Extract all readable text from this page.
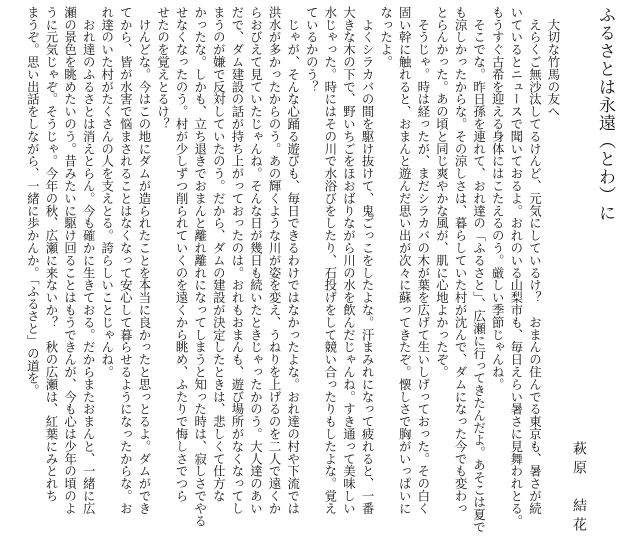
ふるさとは永遠（とわ）に
萩原　結花
　大切な竹馬の友へ
　えらくご無沙汰してるけんど、元気にしているけ？　おまんの住んでる東京も、暑さが続
いているとニュースで聞いておるよ。おれのいる山梨市も、毎日えらい暑さに見舞われとる。
もうすぐ古希を迎える身体にはこたえるのう。厳しい季節じゃんね。
　そこでな。昨日孫を連れて、おれ達の「ふるさと」、広瀬に行ってきたんだよ。あそこは夏で
も涼しかったからな。その涼しさは、暮らしていた村が沈んで、ダムになった今でも変わっ
とらんかった。あの頃と同じ爽やかな風が、肌に心地よかったぞ。
　そうじゃ。時は経ったが、まだシラカバの木が葉を広げて生いしげっておった。その白く
固い幹に触れると、おまんと遊んだ思い出が次々に蘇ってきたぞ。懐しさで胸がいっぱいに
なったよ。
　よくシラカバの間を駆け抜けて、鬼ごっこをしたよな。汗まみれになって疲れると、一番
大きな木の下で、野いちごをほおばりながら川の水を飲んだじゃんね。すき通って美味しい
水じゃった。時にはその川で水浴びをしたり、石投げをして競い合ったりもしたよな。覚え
ているかのう？
　じゃが、そんな心踊る遊びも、毎日できるわけではなかったよな。おれ達の村や下流では
洪水が多かったからのう。あの輝くような川が姿を変え、うねりを上げるのを二人で遠くか
らおびえて見ていたじゃんね。そんな日が幾日も続いたときじゃったかのう。大人達のあい
だで、ダム建設の話が持ち上がっておったのは。おれもおまんも、遊び場所がなくなってし
まうのが嫌で反対していたのう。だから、ダムの建設が決定したときは、悲しくて仕方な
かったな。しかも、立ち退きでおまんと離れ離れになってしまうと知った時は、寂しさでやる
せなくなったのう。村が少しずつ削られていくのを遠くから眺め、ふたりで悔しさでつら
せたのを覚えとるけ？
　けんどな。今はこの地にダムが造られたことを本当に良かったと思っとるよ。ダムができ
てから、皆が水害で悩まされることはなくなって安心して暮らせるようになったからな。お
れ達のいた村がたくさんの人を支えとる。誇らしいことじゃんね。
　おれ達のふるさとは消えとらん。今も確かに生きておる。だからまたおまんと、一緒に広
瀬の景色を眺めたいのう。昔みたいに駆け回ることはもうできんが、今も心は少年の頃のよ
うに元気じゃぞ。そうじゃ。今年の秋、広瀬に来ないか？　秋の広瀬は、紅葉にみとれち
まうぞ。思い出話をしながら、一緒に歩かんか。「ふるさと」の道を。
